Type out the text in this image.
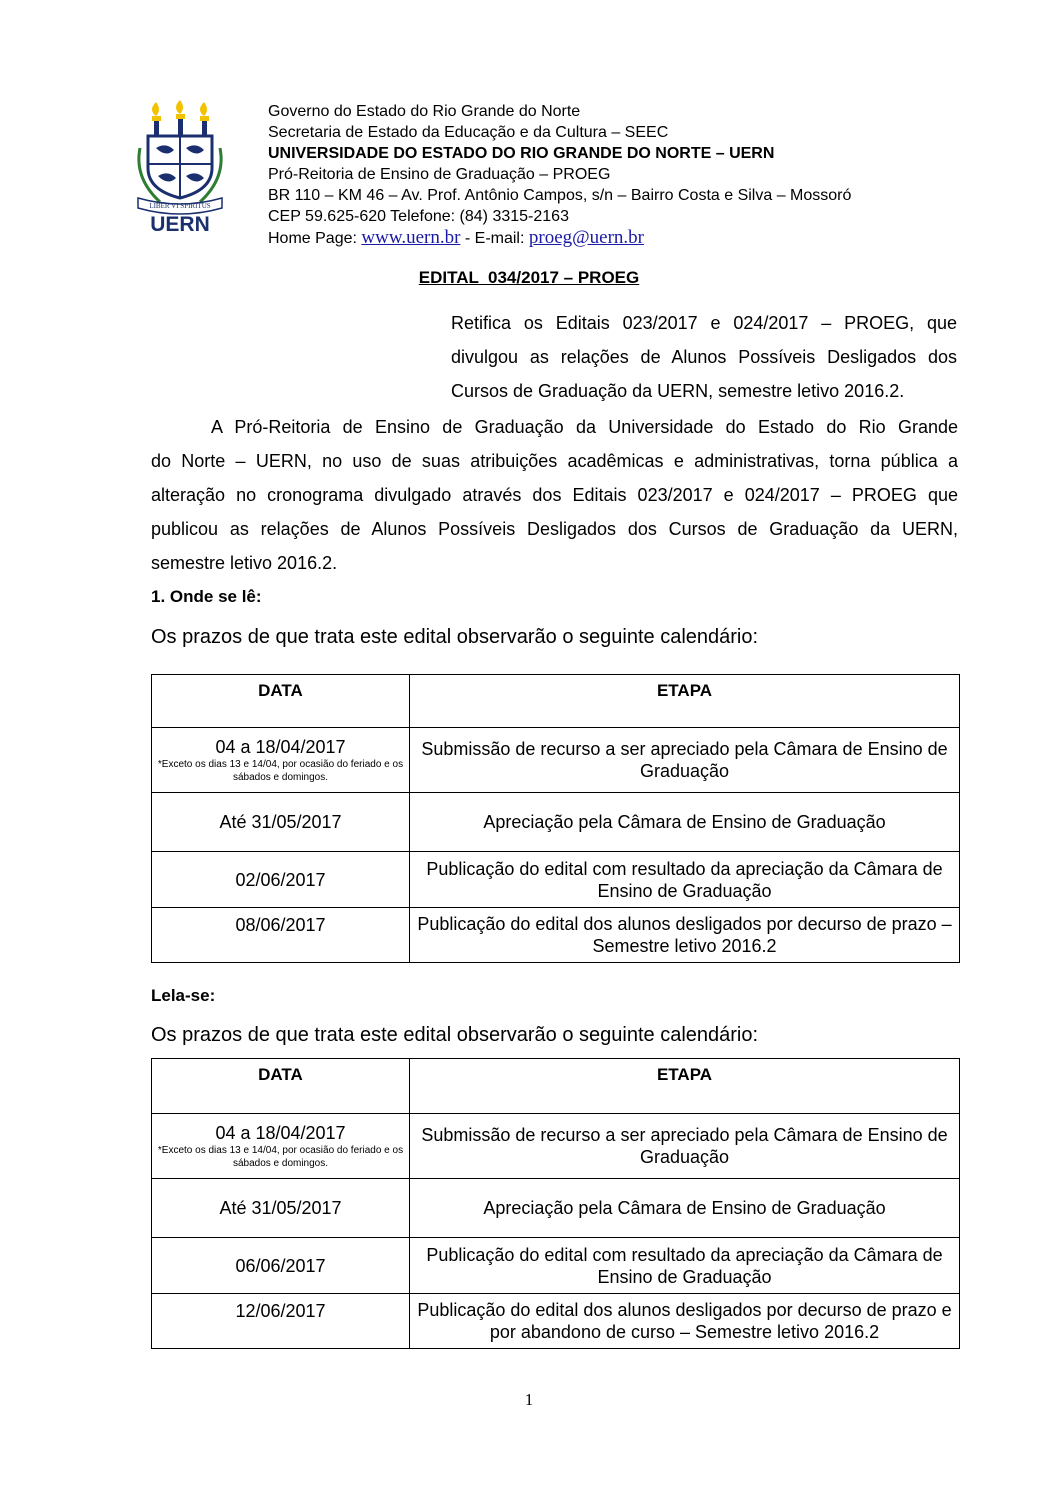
LIBER VI SPIRITUS
UERN
Governo do Estado do Rio Grande do Norte
Secretaria de Estado da Educação e da Cultura – SEEC
UNIVERSIDADE DO ESTADO DO RIO GRANDE DO NORTE – UERN
Pró-Reitoria de Ensino de Graduação – PROEG
BR 110 – KM 46 – Av. Prof. Antônio Campos, s/n – Bairro Costa e Silva – Mossoró
CEP 59.625-620 Telefone: (84) 3315-2163
Home Page: www.uern.br - E-mail: proeg@uern.br
EDITAL  034/2017 – PROEG
Retifica os Editais 023/2017 e 024/2017 – PROEG, que
divulgou as relações de Alunos Possíveis Desligados dos
Cursos de Graduação da UERN, semestre letivo 2016.2.
A Pró-Reitoria de Ensino de Graduação da Universidade do Estado do Rio Grande
do Norte – UERN, no uso de suas atribuições acadêmicas e administrativas, torna pública a
alteração no cronograma divulgado através dos Editais 023/2017 e 024/2017 – PROEG que
publicou as relações de Alunos Possíveis Desligados dos Cursos de Graduação da UERN,
semestre letivo 2016.2.
1. Onde se lê:
Os prazos de que trata este edital observarão o seguinte calendário:
DATA	ETAPA
04 a 18/04/2017
*Exceto os dias 13 e 14/04, por ocasião do feriado e os sábados e domingos.	Submissão de recurso a ser apreciado pela Câmara de Ensino de Graduação
Até 31/05/2017	Apreciação pela Câmara de Ensino de Graduação
02/06/2017	Publicação do edital com resultado da apreciação da Câmara de Ensino de Graduação
08/06/2017	Publicação do edital dos alunos desligados por decurso de prazo – Semestre letivo 2016.2
Lela-se:
Os prazos de que trata este edital observarão o seguinte calendário:
DATA	ETAPA
04 a 18/04/2017
*Exceto os dias 13 e 14/04, por ocasião do feriado e os sábados e domingos.	Submissão de recurso a ser apreciado pela Câmara de Ensino de Graduação
Até 31/05/2017	Apreciação pela Câmara de Ensino de Graduação
06/06/2017	Publicação do edital com resultado da apreciação da Câmara de Ensino de Graduação
12/06/2017	Publicação do edital dos alunos desligados por decurso de prazo e por abandono de curso – Semestre letivo 2016.2
1
